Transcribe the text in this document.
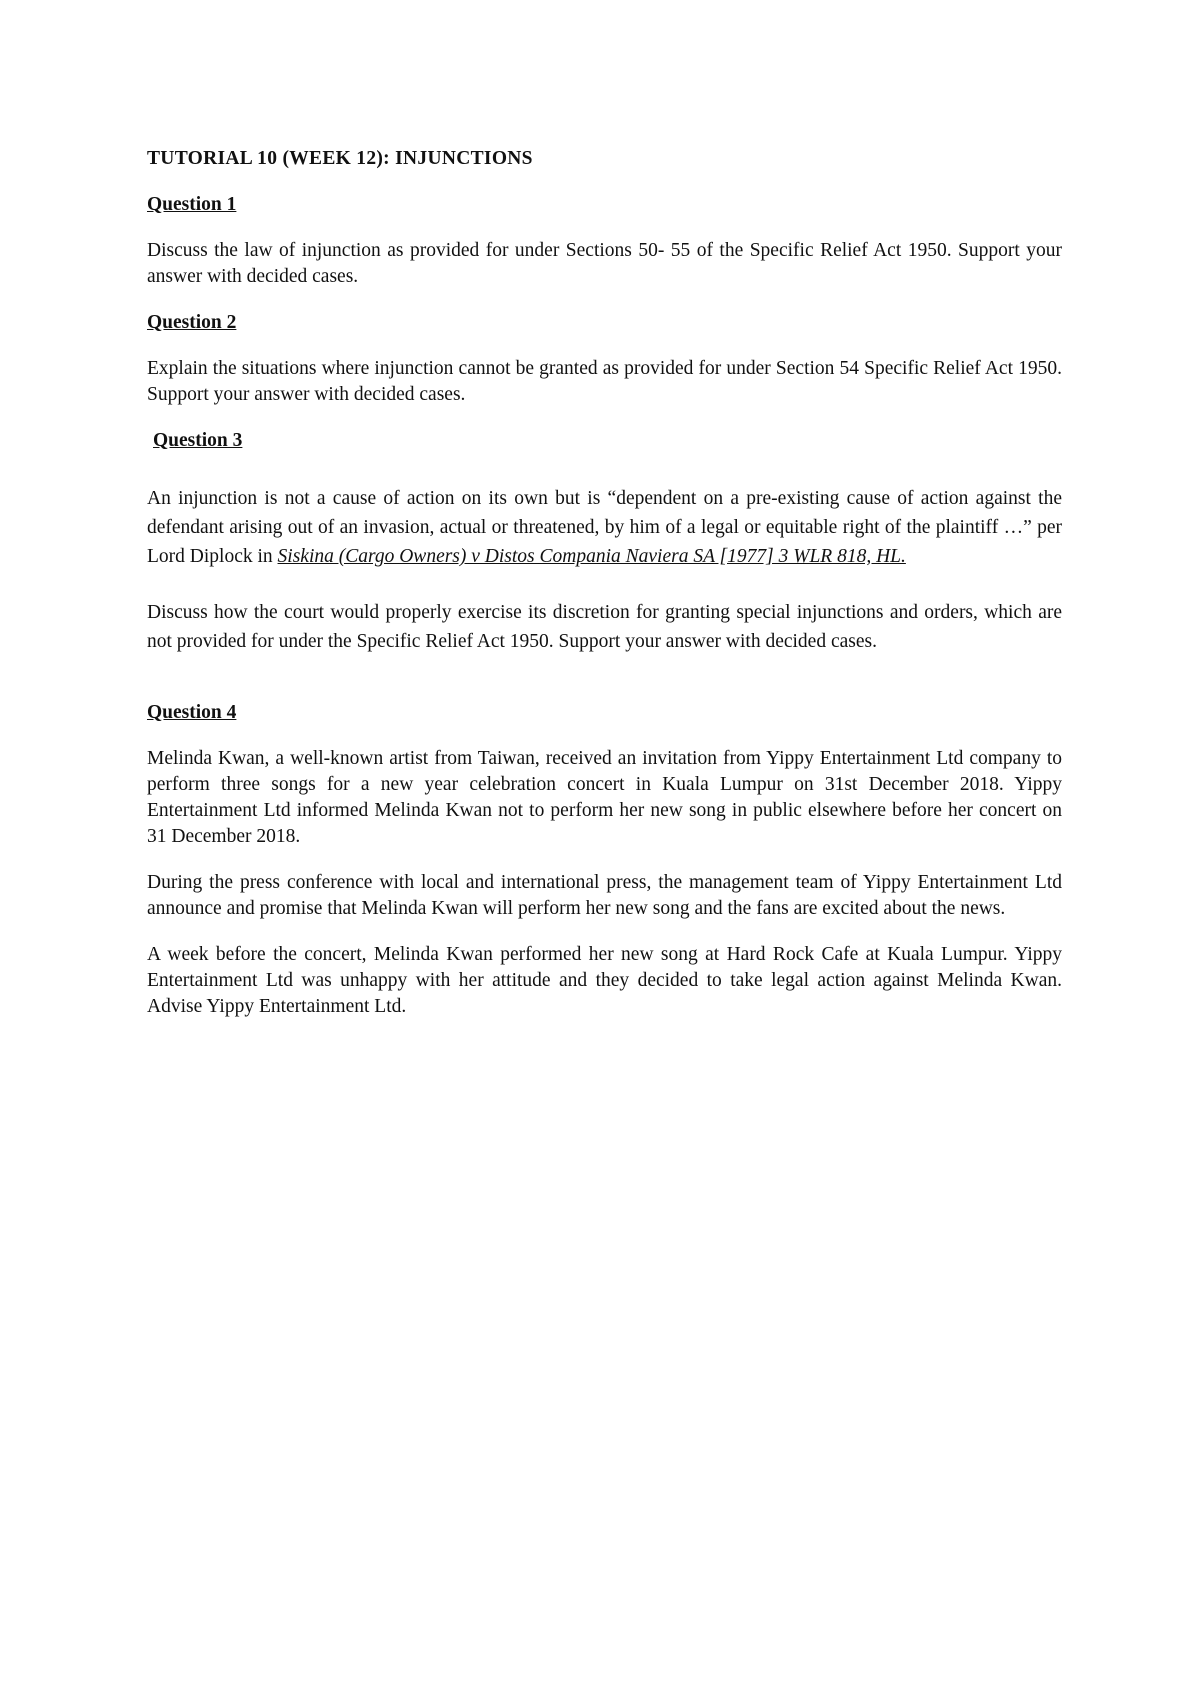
TUTORIAL 10 (WEEK 12): INJUNCTIONS

Question 1

Discuss the law of injunction as provided for under Sections 50- 55 of the Specific Relief Act 1950. Support your answer with decided cases.

Question 2

Explain the situations where injunction cannot be granted as provided for under Section 54 Specific Relief Act 1950. Support your answer with decided cases.

Question 3

An injunction is not a cause of action on its own but is “dependent on a pre-existing cause of action against the defendant arising out of an invasion, actual or threatened, by him of a legal or equitable right of the plaintiff …” per Lord Diplock in Siskina (Cargo Owners) v Distos Compania Naviera SA [1977] 3 WLR 818, HL.

Discuss how the court would properly exercise its discretion for granting special injunctions and orders, which are not provided for under the Specific Relief Act 1950. Support your answer with decided cases.

Question 4

Melinda Kwan, a well-known artist from Taiwan, received an invitation from Yippy Entertainment Ltd company to perform three songs for a new year celebration concert in Kuala Lumpur on 31st December 2018. Yippy Entertainment Ltd informed Melinda Kwan not to perform her new song in public elsewhere before her concert on 31 December 2018.

During the press conference with local and international press, the management team of Yippy Entertainment Ltd announce and promise that Melinda Kwan will perform her new song and the fans are excited about the news.

A week before the concert, Melinda Kwan performed her new song at Hard Rock Cafe at Kuala Lumpur. Yippy Entertainment Ltd was unhappy with her attitude and they decided to take legal action against Melinda Kwan. Advise Yippy Entertainment Ltd.
